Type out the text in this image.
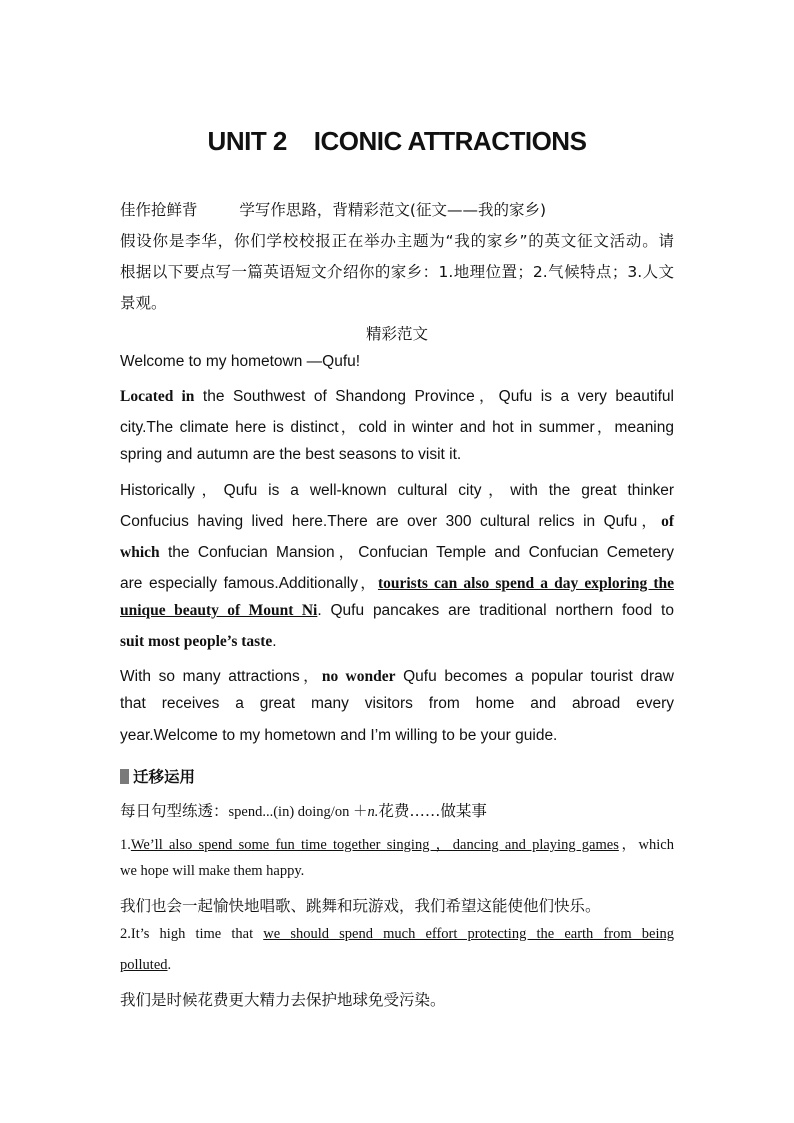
UNIT 2    ICONIC ATTRACTIONS
佳作抢鲜背	学写作思路，背精彩范文(征文——我的家乡)
假设你是李华，你们学校校报正在举办主题为“我的家乡”的英文征文活动。请
根据以下要点写一篇英语短文介绍你的家乡：1.地理位置；2.气候特点；3.人文
景观。
精彩范文
Welcome to my hometown —Qufu!
Located in the Southwest of Shandong Province，Qufu is a very beautiful
city.The climate here is distinct，cold in winter and hot in summer，meaning
spring and autumn are the best seasons to visit it.
Historically，Qufu is a well-known cultural city，with the great thinker
Confucius having lived here.There are over 300 cultural relics in Qufu，of
which the Confucian Mansion，Confucian Temple and Confucian Cemetery
are especially famous.Additionally，tourists can also spend a day exploring the
unique beauty of Mount Ni. Qufu pancakes are traditional northern food to
suit most people’s taste.
With so many attractions，no wonder Qufu becomes a popular tourist draw
that receives a great many visitors from home and abroad every
year.Welcome to my hometown and I’m willing to be your guide.
迁移运用
每日句型练透：spend...(in) doing/on ＋n.花费……做某事
1.We’ll also spend some fun time together singing ，dancing and playing games，which
we hope will make them happy.
我们也会一起愉快地唱歌、跳舞和玩游戏，我们希望这能使他们快乐。
2.It’s high time that we should spend much effort protecting the earth from being
polluted.
我们是时候花费更大精力去保护地球免受污染。
